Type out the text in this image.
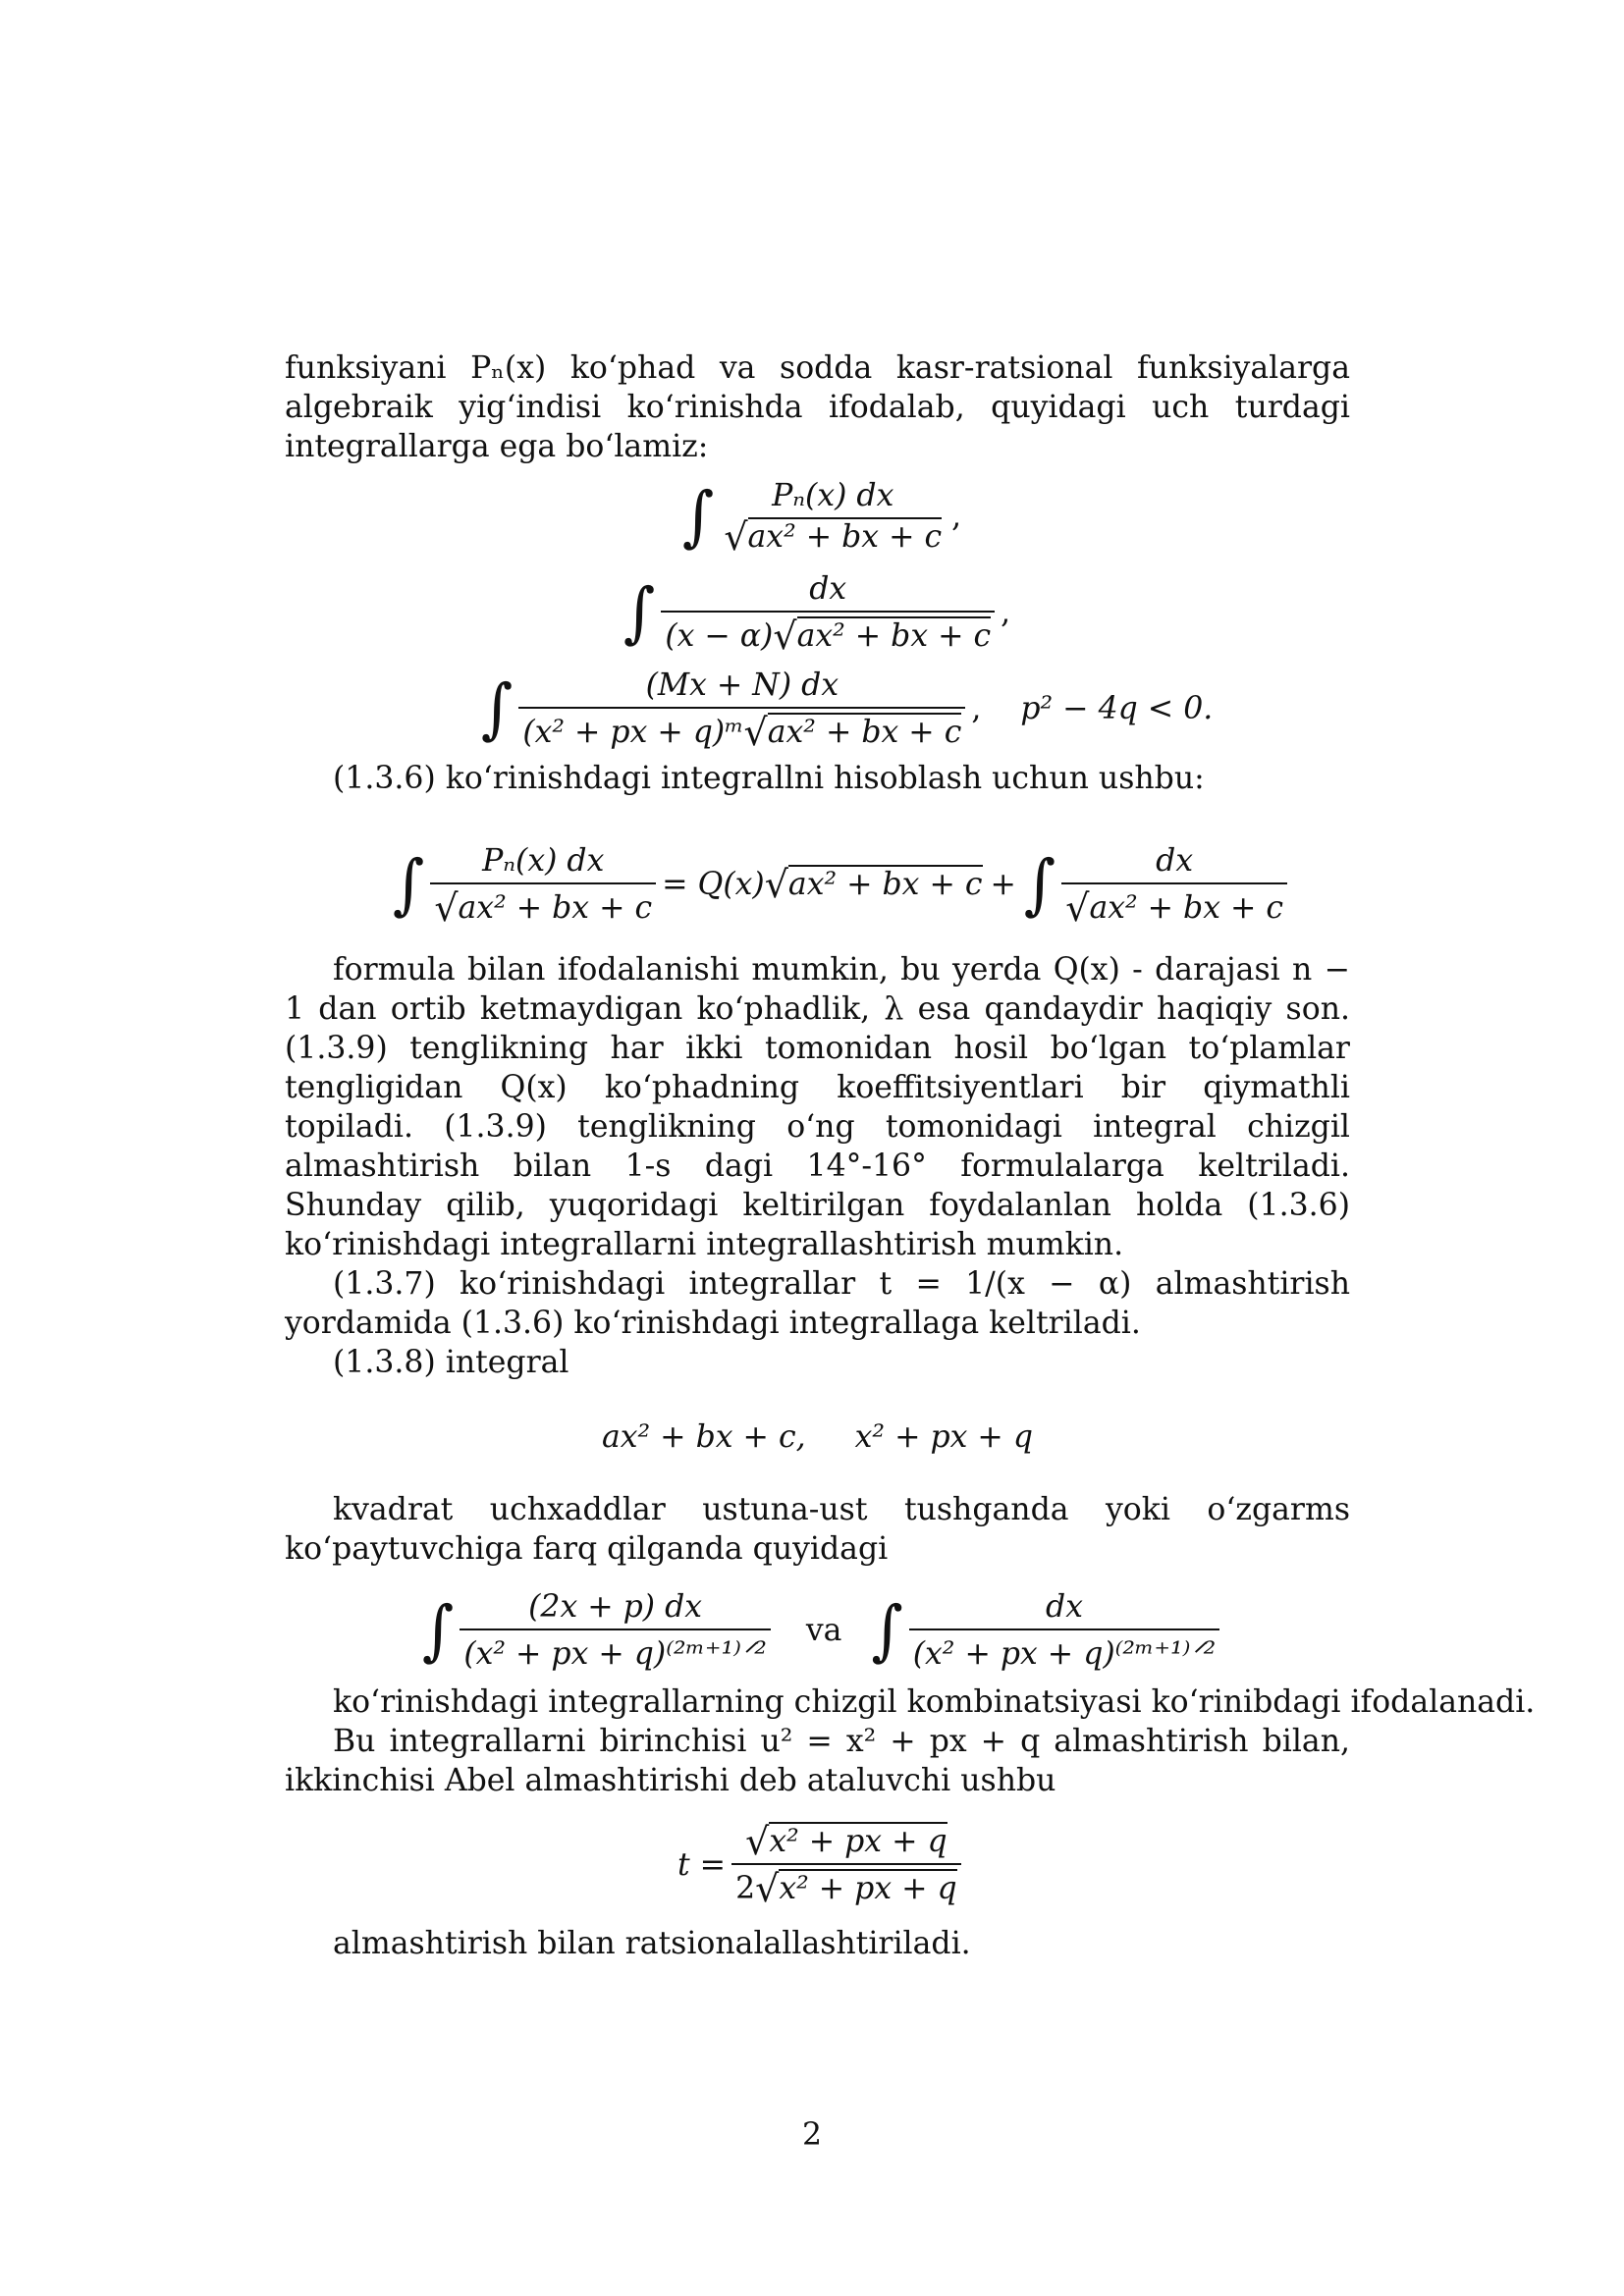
funksiyani Pₙ(x) ko‘phad va sodda kasr-ratsional funksiyalarga algebraik yig‘indisi ko‘rinishda ifodalab, quyidagi uch turdagi integrallarga ega bo‘lamiz:

∫ Pₙ(x) dx
√ax² + bx + c
,
∫ $\frac{dx}{\text{(x − α)√ax² + bx + c}}$ ,
∫ $\frac{(Mx + N) dx}{\text{(x² + px + q)ᵐ√ax² + bx + c}}$ , p² − 4q < 0.

(1.3.6) ko‘rinishdagi integrallni hisoblash uchun ushbu:

∫ $\frac{\text{Pₙ(x) dx}}{\text{√ax² + bx + c}} = Q(x) √ax^2$ + bx + c + ∫ $\frac{dx}{\text{√ax² + bx + c}}$

formula bilan ifodalanishi mumkin, bu yerda Q(x) - darajasi n − 1 dan ortib ketmaydigan ko‘phadlik, λ esa qandaydir haqiqiy son. (1.3.9) tenglikning har ikki tomonidan hosil bo‘lgan to‘plamlar tengligidan Q(x) ko‘phadning koeffitsiyentlari bir qiymathli topiladi. (1.3.9) tenglikning o‘ng tomonidagi integral chizgil almashtirish bilan 1-s dagi 14°-16° formulalarga keltriladi. Shunday qilib, yuqoridagi keltirilgan foydalanlan holda (1.3.6) ko‘rinishdagi integrallarni integrallashtirish mumkin.

(1.3.7) ko‘rinishdagi integrallar t = 1/(x − α) almashtirish yordamida (1.3.6) ko‘rinishdagi integrallaga keltriladi.

(1.3.8) integral

ax² + bx + c,     x² + px + q

kvadrat uchxaddlar ustuna-ust tushganda yoki o‘zgarms ko‘paytuvchiga farq qilganda quyidagi

∫ $\frac{(2x + p) dx}{\text{(x² + px + q)⁽²ᵐ⁺¹⁾ᐟ²}}$ va ∫ $\frac{dx}{\text{(x² + px + q)⁽²ᵐ⁺¹⁾ᐟ²}}$

ko‘rinishdagi integrallarning chizgil kombinatsiyasi ko‘rinibdagi ifodalanadi.

Bu integrallarni birinchisi u² = x² + px + q almashtirish bilan, ikkinchisi Abel almashtirishi deb ataluvchi ushbu

$t = \frac{\text{√x² + px + q}}{\text{2√x² + px + q}}$

almashtirish bilan ratsionalallashtiriladi.

2
